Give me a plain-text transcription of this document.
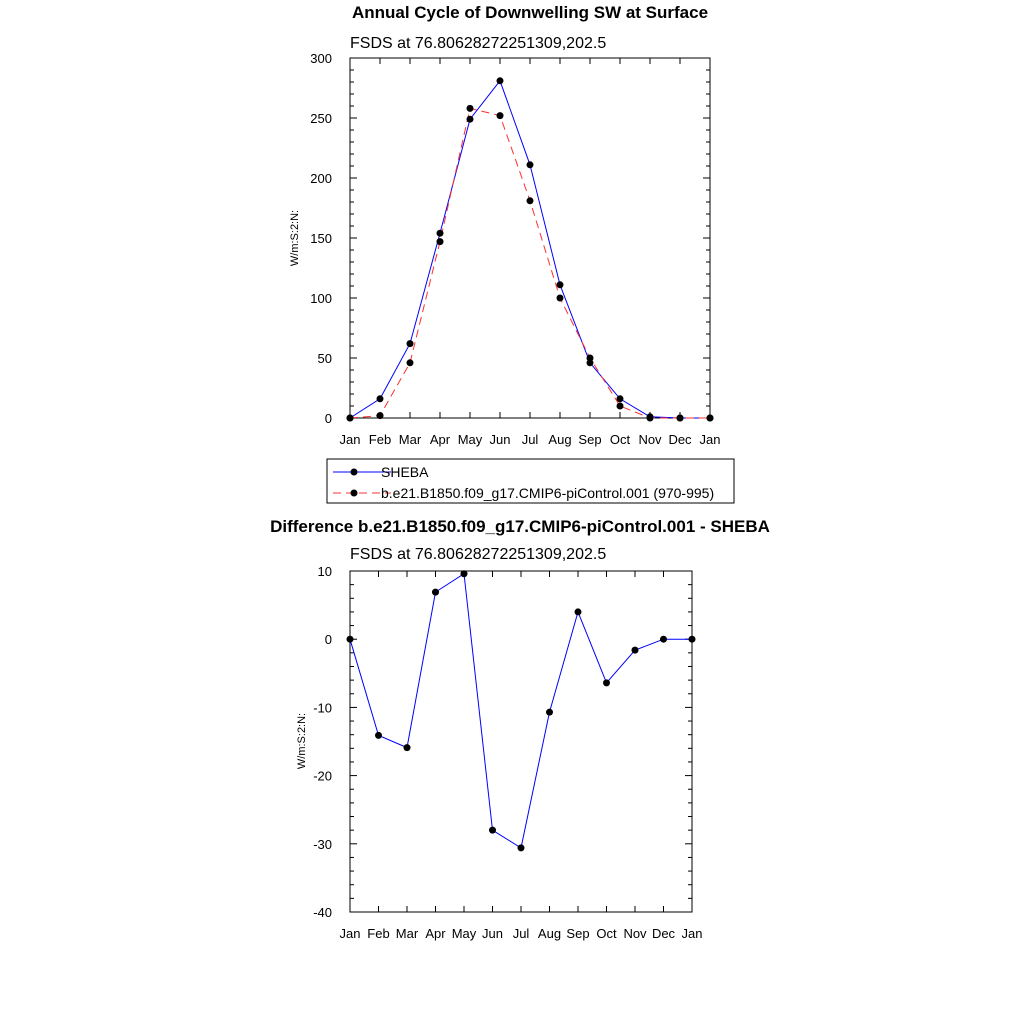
Annual Cycle of Downwelling SW at Surface
FSDS at 76.80628272251309,202.5
W/m:S:2:N:
Jan Feb Mar Apr May Jun Jul Aug Sep Oct Nov Dec Jan
0
50
100
150
200
250
300
SHEBA
b.e21.B1850.f09_g17.CMIP6-piControl.001 (970-995)
Difference b.e21.B1850.f09_g17.CMIP6-piControl.001 - SHEBA
FSDS at 76.80628272251309,202.5
W/m:S:2:N:
Jan Feb Mar Apr May Jun Jul Aug Sep Oct Nov Dec Jan
-40
-30
-20
-10
0
10
